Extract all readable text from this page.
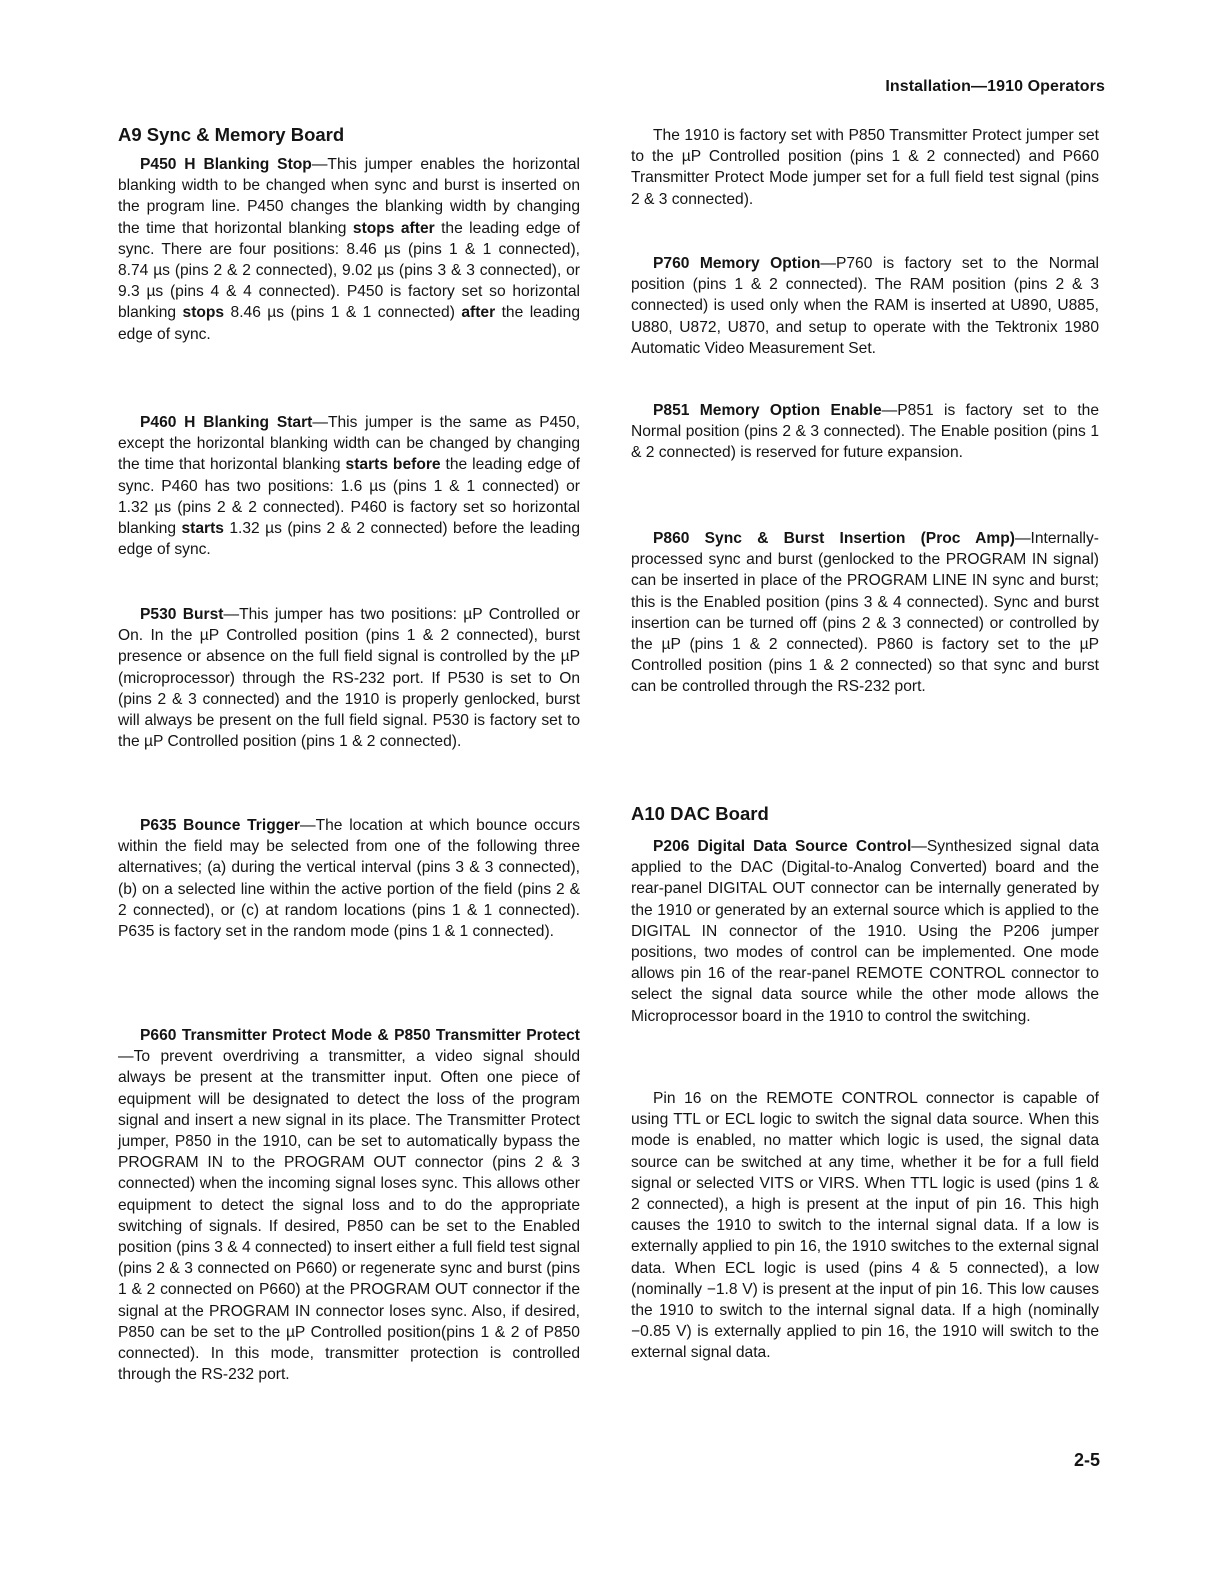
Installation—1910 Operators
A9 Sync & Memory Board

P450 H Blanking Stop—This jumper enables the horizontal blanking width to be changed when sync and burst is inserted on the program line. P450 changes the blanking width by changing the time that horizontal blanking stops after the leading edge of sync. There are four positions: 8.46 µs (pins 1 & 1 connected), 8.74 µs (pins 2 & 2 connected), 9.02 µs (pins 3 & 3 connected), or 9.3 µs (pins 4 & 4 connected). P450 is factory set so horizontal blanking stops 8.46 µs (pins 1 & 1 connected) after the leading edge of sync.

P460 H Blanking Start—This jumper is the same as P450, except the horizontal blanking width can be changed by changing the time that horizontal blanking starts before the leading edge of sync. P460 has two positions: 1.6 µs (pins 1 & 1 connected) or 1.32 µs (pins 2 & 2 connected). P460 is factory set so horizontal blanking starts 1.32 µs (pins 2 & 2 connected) before the leading edge of sync.

P530 Burst—This jumper has two positions: µP Controlled or On. In the µP Controlled position (pins 1 & 2 connected), burst presence or absence on the full field signal is controlled by the µP (microprocessor) through the RS-232 port. If P530 is set to On (pins 2 & 3 connected) and the 1910 is properly genlocked, burst will always be present on the full field signal. P530 is factory set to the µP Controlled position (pins 1 & 2 connected).

P635 Bounce Trigger—The location at which bounce occurs within the field may be selected from one of the following three alternatives; (a) during the vertical interval (pins 3 & 3 connected), (b) on a selected line within the active portion of the field (pins 2 & 2 connected), or (c) at random locations (pins 1 & 1 connected). P635 is factory set in the random mode (pins 1 & 1 connected).

P660 Transmitter Protect Mode & P850 Transmitter Protect—To prevent overdriving a transmitter, a video signal should always be present at the transmitter input. Often one piece of equipment will be designated to detect the loss of the program signal and insert a new signal in its place. The Transmitter Protect jumper, P850 in the 1910, can be set to automatically bypass the PROGRAM IN to the PROGRAM OUT connector (pins 2 & 3 connected) when the incoming signal loses sync. This allows other equipment to detect the signal loss and to do the appropriate switching of signals. If desired, P850 can be set to the Enabled position (pins 3 & 4 connected) to insert either a full field test signal (pins 2 & 3 connected on P660) or regenerate sync and burst (pins 1 & 2 connected on P660) at the PROGRAM OUT connector if the signal at the PROGRAM IN connector loses sync. Also, if desired, P850 can be set to the µP Controlled position(pins 1 & 2 of P850 connected). In this mode, transmitter protection is controlled through the RS-232 port.

The 1910 is factory set with P850 Transmitter Protect jumper set to the µP Controlled position (pins 1 & 2 connected) and P660 Transmitter Protect Mode jumper set for a full field test signal (pins 2 & 3 connected).

P760 Memory Option—P760 is factory set to the Normal position (pins 1 & 2 connected). The RAM position (pins 2 & 3 connected) is used only when the RAM is inserted at U890, U885, U880, U872, U870, and setup to operate with the Tektronix 1980 Automatic Video Measurement Set.

P851 Memory Option Enable—P851 is factory set to the Normal position (pins 2 & 3 connected). The Enable position (pins 1 & 2 connected) is reserved for future expansion.

P860 Sync & Burst Insertion (Proc Amp)—Internally-processed sync and burst (genlocked to the PROGRAM IN signal) can be inserted in place of the PROGRAM LINE IN sync and burst; this is the Enabled position (pins 3 & 4 connected). Sync and burst insertion can be turned off (pins 2 & 3 connected) or controlled by the µP (pins 1 & 2 connected). P860 is factory set to the µP Controlled position (pins 1 & 2 connected) so that sync and burst can be controlled through the RS-232 port.

A10 DAC Board

P206 Digital Data Source Control—Synthesized signal data applied to the DAC (Digital-to-Analog Converted) board and the rear-panel DIGITAL OUT connector can be internally generated by the 1910 or generated by an external source which is applied to the DIGITAL IN connector of the 1910. Using the P206 jumper positions, two modes of control can be implemented. One mode allows pin 16 of the rear-panel REMOTE CONTROL connector to select the signal data source while the other mode allows the Microprocessor board in the 1910 to control the switching.

Pin 16 on the REMOTE CONTROL connector is capable of using TTL or ECL logic to switch the signal data source. When this mode is enabled, no matter which logic is used, the signal data source can be switched at any time, whether it be for a full field signal or selected VITS or VIRS. When TTL logic is used (pins 1 & 2 connected), a high is present at the input of pin 16. This high causes the 1910 to switch to the internal signal data. If a low is externally applied to pin 16, the 1910 switches to the external signal data. When ECL logic is used (pins 4 & 5 connected), a low (nominally −1.8 V) is present at the input of pin 16. This low causes the 1910 to switch to the internal signal data. If a high (nominally −0.85 V) is externally applied to pin 16, the 1910 will switch to the external signal data.

2-5
